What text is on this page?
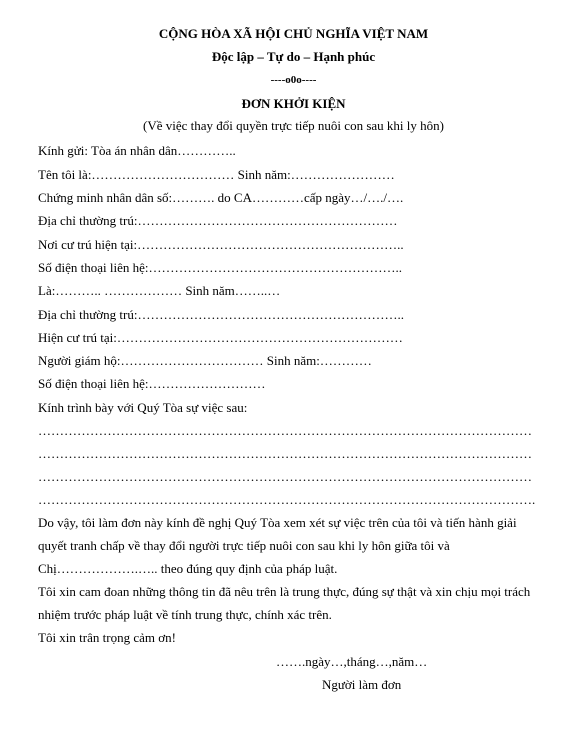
CỘNG HÒA XÃ HỘI CHỦ NGHĨA VIỆT NAM
Độc lập – Tự do – Hạnh phúc
----o0o----
ĐƠN KHỞI KIỆN
(Về việc thay đổi quyền trực tiếp nuôi con sau khi ly hôn)
Kính gửi: Tòa án nhân dân…………..
Tên tôi là:…………………………… Sinh năm:……………………
Chứng minh nhân dân số:………. do CA…………cấp ngày…/…./….
Địa chỉ thường trú:……………………………………………………
Nơi cư trú hiện tại:……………………………………………………..
Số điện thoại liên hệ:…………………………………………………..
Là:……….. ……………… Sinh năm……..…
Địa chỉ thường trú:……………………………………………………..
Hiện cư trú tại:…………………………………………………………
Người giám hộ:…………………………… Sinh năm:…………
Số điện thoại liên hệ:………………………
Kính trình bày với Quý Tòa sự việc sau:
……………………………………………………………………………………………………
……………………………………………………………………………………………………
……………………………………………………………………………………………………
…………………………………………………………………………………………………….
Do vậy, tôi làm đơn này kính đề nghị Quý Tòa xem xét sự việc trên của tôi và tiến hành giải
quyết tranh chấp về thay đổi người trực tiếp nuôi con sau khi ly hôn giữa tôi và
Chị……………….….. theo đúng quy định của pháp luật.
Tôi xin cam đoan những thông tin đã nêu trên là trung thực, đúng sự thật và xin chịu mọi trách
nhiệm trước pháp luật về tính trung thực, chính xác trên.
Tôi xin trân trọng cảm ơn!
…….ngày…,tháng…,năm…
Người làm đơn
